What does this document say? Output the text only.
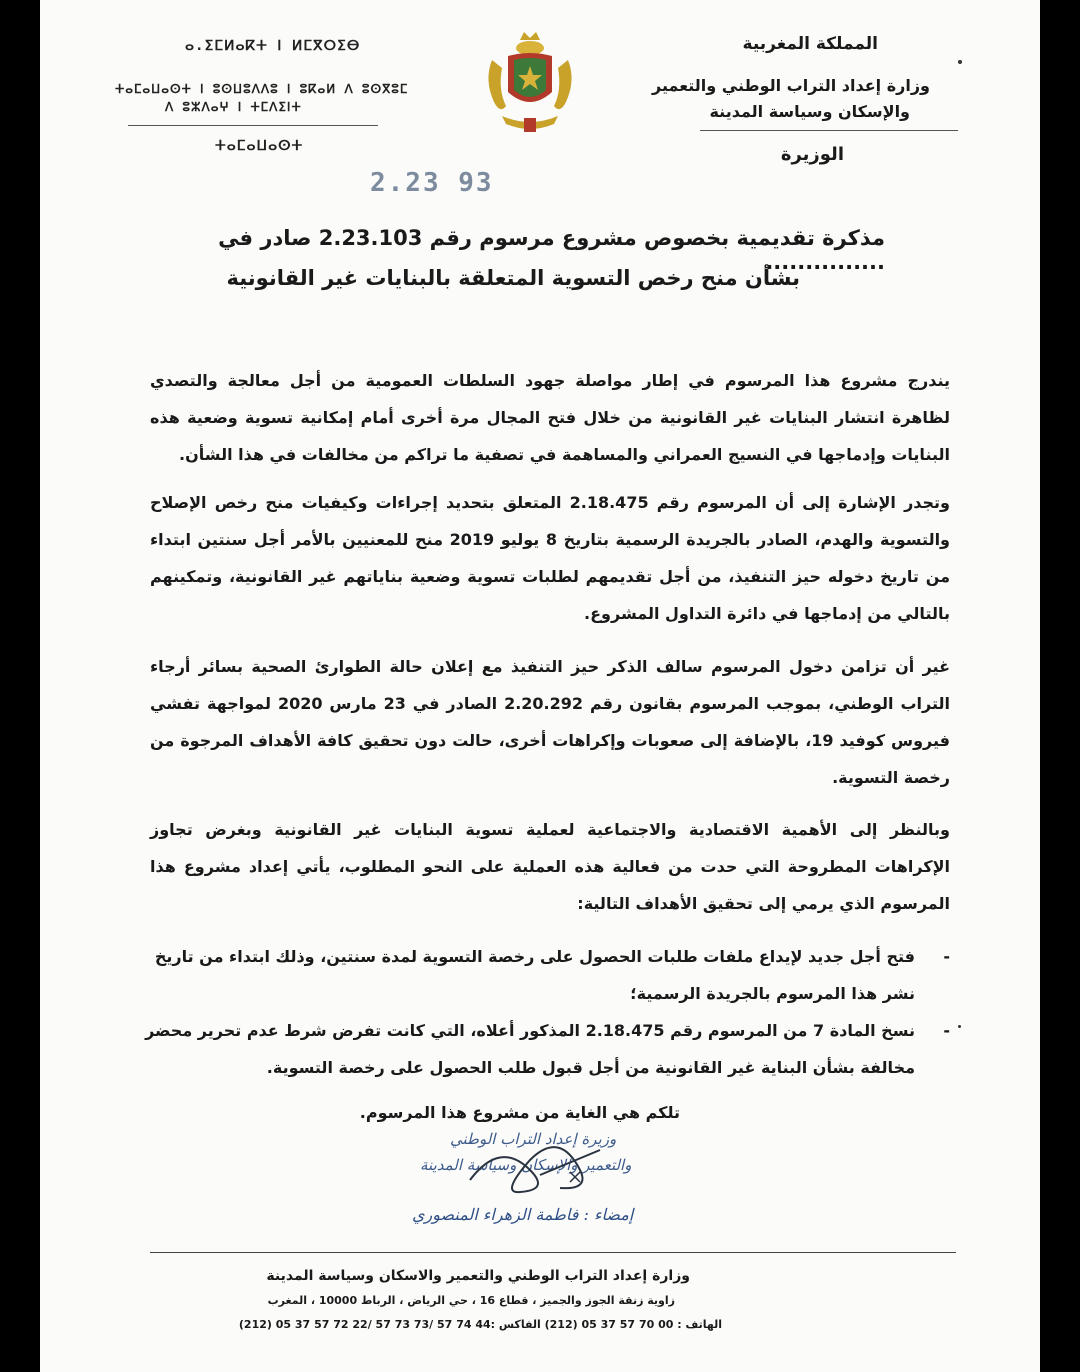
ⴰ.ⵉⵎⵍⴰⴽⵜ Ⅰ ⵍⵎⴳⵔⵉⴱ
ⵜⴰⵎⴰⵡⴰⵙⵜ Ⅰ ⵓⵙⵡⵓⴷⴷⵓ ⵏ ⵓⴽⴰⵍ ⴷ ⵓⵙⴳⵓⵎ
ⴷ ⵓⵣⴷⴰⵖ ⵏ ⵜⵎⴷⵉⵏⵜ
ⵜⴰⵎⴰⵡⴰⵙⵜ
المملكة المغربية
وزارة إعداد التراب الوطني والتعمير
والإسكان وسياسة المدينة
الوزيرة
2.23 93
مذكرة تقديمية بخصوص مشروع مرسوم رقم 2.23.103 صادر في ...............
بشأن منح رخص التسوية المتعلقة بالبنايات غير القانونية
يندرج مشروع هذا المرسوم في إطار مواصلة جهود السلطات العمومية من أجل معالجة والتصدي لظاهرة انتشار البنايات غير القانونية من خلال فتح المجال مرة أخرى أمام إمكانية تسوية وضعية هذه البنايات وإدماجها في النسيج العمراني والمساهمة في تصفية ما تراكم من مخالفات في هذا الشأن.
وتجدر الإشارة إلى أن المرسوم رقم 2.18.475 المتعلق بتحديد إجراءات وكيفيات منح رخص الإصلاح والتسوية والهدم، الصادر بالجريدة الرسمية بتاريخ 8 يوليو 2019 منح للمعنيين بالأمر أجل سنتين ابتداء من تاريخ دخوله حيز التنفيذ، من أجل تقديمهم لطلبات تسوية وضعية بناياتهم غير القانونية، وتمكينهم بالتالي من إدماجها في دائرة التداول المشروع.
غير أن تزامن دخول المرسوم سالف الذكر حيز التنفيذ مع إعلان حالة الطوارئ الصحية بسائر أرجاء التراب الوطني، بموجب المرسوم بقانون رقم 2.20.292 الصادر في 23 مارس 2020 لمواجهة تفشي فيروس كوفيد 19، بالإضافة إلى صعوبات وإكراهات أخرى، حالت دون تحقيق كافة الأهداف المرجوة من رخصة التسوية.
وبالنظر إلى الأهمية الاقتصادية والاجتماعية لعملية تسوية البنايات غير القانونية وبغرض تجاوز الإكراهات المطروحة التي حدت من فعالية هذه العملية على النحو المطلوب، يأتي إعداد مشروع هذا المرسوم الذي يرمي إلى تحقيق الأهداف التالية:
-
فتح أجل جديد لإيداع ملفات طلبات الحصول على رخصة التسوية لمدة سنتين، وذلك ابتداء من تاريخ نشر هذا المرسوم بالجريدة الرسمية؛
-
نسخ المادة 7 من المرسوم رقم 2.18.475 المذكور أعلاه، التي كانت تفرض شرط عدم تحرير محضر مخالفة بشأن البناية غير القانونية من أجل قبول طلب الحصول على رخصة التسوية.
تلكم هي الغاية من مشروع هذا المرسوم.
وزيرة إعداد التراب الوطني
والتعمير والإسكان وسياسة المدينة
إمضاء : فاطمة الزهراء المنصوري
وزارة إعداد التراب الوطني والتعمير والاسكان وسياسة المدينة
زاوية زنقة الجوز والجميز ، قطاع 16 ، حي الرياض ، الرباط 10000 ، المغرب
الهاتف : 00 70 57 37 05 (212) الفاكس :44 74 57 /73 73 57 /22 72 57 37 05 (212)
